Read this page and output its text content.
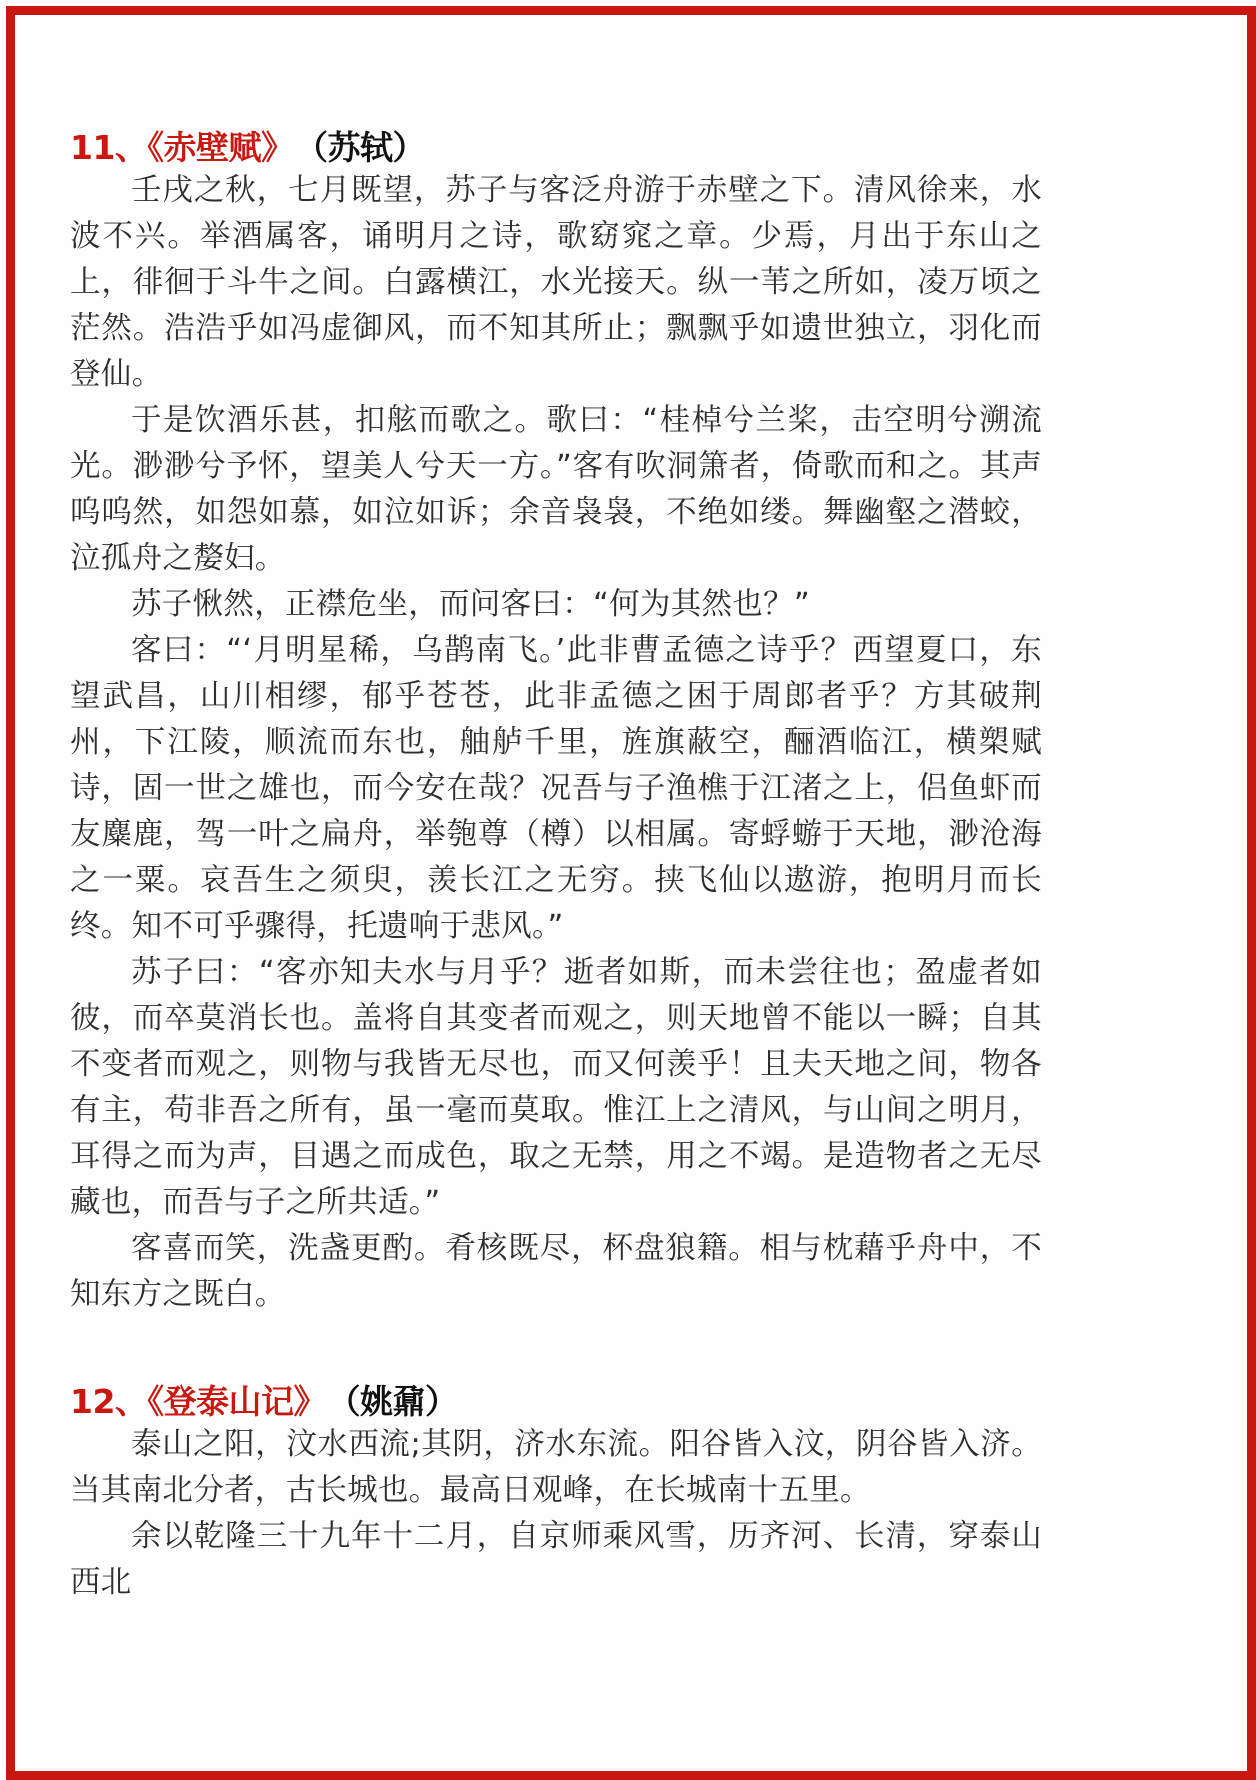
11、《赤壁赋》 （苏轼）

壬戌之秋，七月既望，苏子与客泛舟游于赤壁之下。清风徐来，水波不兴。举酒属客，诵明月之诗，歌窈窕之章。少焉，月出于东山之上，徘徊于斗牛之间。白露横江，水光接天。纵一苇之所如，凌万顷之茫然。浩浩乎如冯虚御风，而不知其所止；飘飘乎如遗世独立，羽化而登仙。

于是饮酒乐甚，扣舷而歌之。歌曰：“桂棹兮兰桨，击空明兮溯流光。渺渺兮予怀，望美人兮天一方。”客有吹洞箫者，倚歌而和之。其声呜呜然，如怨如慕，如泣如诉；余音袅袅，不绝如缕。舞幽壑之潜蛟，泣孤舟之嫠妇。

苏子愀然，正襟危坐，而问客曰：“何为其然也？”

客曰：“‘月明星稀，乌鹊南飞。’此非曹孟德之诗乎？西望夏口，东望武昌，山川相缪，郁乎苍苍，此非孟德之困于周郎者乎？方其破荆州，下江陵，顺流而东也，舳舻千里，旌旗蔽空，酾酒临江，横槊赋诗，固一世之雄也，而今安在哉？况吾与子渔樵于江渚之上，侣鱼虾而友麋鹿，驾一叶之扁舟，举匏尊（樽）以相属。寄蜉蝣于天地，渺沧海之一粟。哀吾生之须臾，羡长江之无穷。挟飞仙以遨游，抱明月而长终。知不可乎骤得，托遗响于悲风。”

苏子曰：“客亦知夫水与月乎？逝者如斯，而未尝往也；盈虚者如彼，而卒莫消长也。盖将自其变者而观之，则天地曾不能以一瞬；自其不变者而观之，则物与我皆无尽也，而又何羡乎！且夫天地之间，物各有主，苟非吾之所有，虽一毫而莫取。惟江上之清风，与山间之明月，耳得之而为声，目遇之而成色，取之无禁，用之不竭。是造物者之无尽藏也，而吾与子之所共适。”

客喜而笑，洗盏更酌。肴核既尽，杯盘狼籍。相与枕藉乎舟中，不知东方之既白。

12、《登泰山记》 （姚鼐）

泰山之阳，汶水西流;其阴，济水东流。阳谷皆入汶，阴谷皆入济。当其南北分者，古长城也。最高日观峰，在长城南十五里。

余以乾隆三十九年十二月，自京师乘风雪，历齐河、长清，穿泰山西北
